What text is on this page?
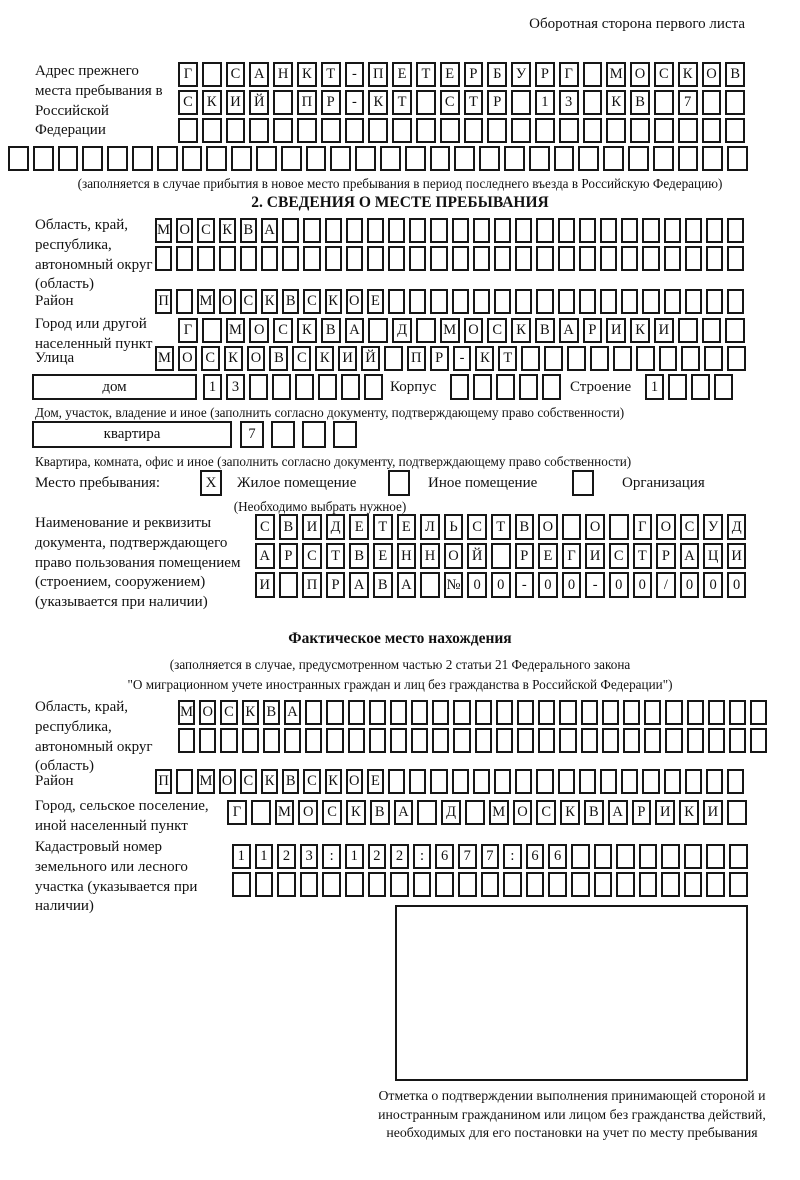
Оборотная сторона первого листа
Адрес прежнего места пребывания в Российской Федерации
Г	С А Н К	Т	-	П Е	Т	Е	Р	Б У	Р	Г	М О С К О В
С К И Й	П	Р	-	К	Т	С	Т	Р	1	3	К В	7
(заполняется в случае прибытия в новое место пребывания в период последнего въезда в Российскую Федерацию)
2. СВЕДЕНИЯ О МЕСТЕ ПРЕБЫВАНИЯ
Область, край, республика, автономный округ (область)
М О С К В А
Район	П М О С К В С К О Е
Город или другой населенный пункт
Г	М О С К В А	Д	М О С К В А	Р	И К И
Улица	М О С К О В С К И Й П Р	-	К Т
дом	1	3	Корпус	Строение	1
Дом, участок, владение и иное (заполнить согласно документу, подтверждающему право собственности)
квартира	7
Квартира, комната, офис и иное (заполнить согласно документу, подтверждающему право собственности)
Место пребывания:	X	Жилое помещение	Иное помещение	Организация
(Необходимо выбрать нужное)
Наименование и реквизиты документа, подтверждающего право пользования помещением (строением, сооружением) (указывается при наличии)
С В И Д Е	Т	Е Л	Ь	С Т В О	О	Г О С У Д
А Р	С Т В Е Н Н О Й	Р	Е	Г И С Т	Р А Ц И
И	П Р А В А	№ 0	0	-	0	0	-	0	0	/	0	0	0
Фактическое место нахождения
(заполняется в случае, предусмотренном частью 2 статьи 21 Федерального закона
"О миграционном учете иностранных граждан и лиц без гражданства в Российской Федерации")
Область, край, республика, автономный округ (область)
М О С К В А
Район	П М О С К В С К О Е
Город, сельское поселение, иной населенный пункт
Г	М О С К В А	Д	М О С К В А	Р	И К И
Кадастровый номер земельного или лесного участка (указывается при наличии)
1	1	2	3	:	1	2	2	:	6	7	7	:	6	6
Отметка о подтверждении выполнения принимающей стороной и иностранным гражданином или лицом без гражданства действий, необходимых для его постановки на учет по месту пребывания
